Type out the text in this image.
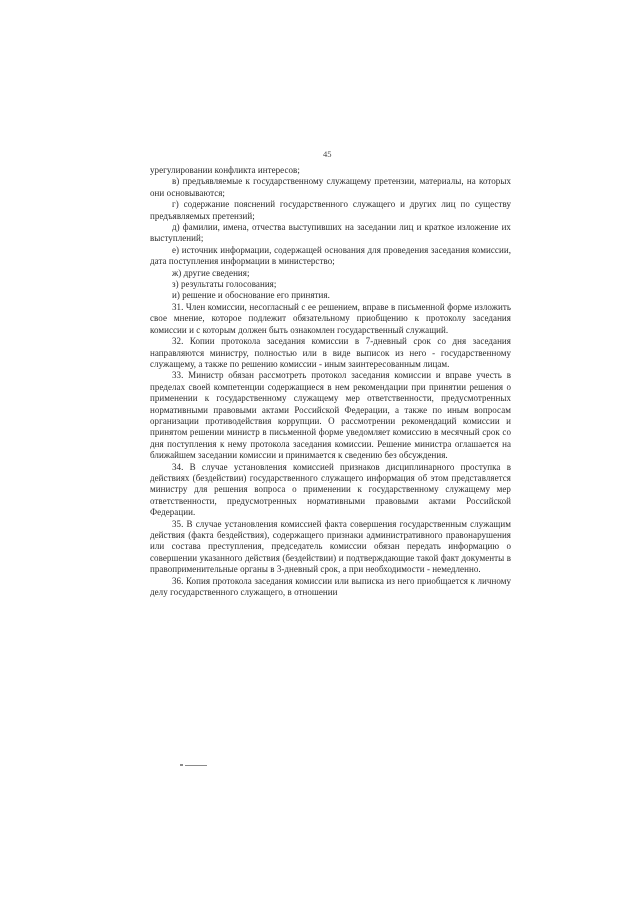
45

урегулировании конфликта интересов;

в) предъявляемые к государственному служащему претензии, материалы, на которых они основываются;

г) содержание пояснений государственного служащего и других лиц по существу предъявляемых претензий;

д) фамилии, имена, отчества выступивших на заседании лиц и краткое изложение их выступлений;

е) источник информации, содержащей основания для проведения заседания комиссии, дата поступления информации в министерство;

ж) другие сведения;

з) результаты голосования;

и) решение и обоснование его принятия.

31. Член комиссии, несогласный с ее решением, вправе в письменной форме изложить свое мнение, которое подлежит обязательному приобщению к протоколу заседания комиссии и с которым должен быть ознакомлен государственный служащий.

32. Копии протокола заседания комиссии в 7-дневный срок со дня заседания направляются министру, полностью или в виде выписок из него - государственному служащему, а также по решению комиссии - иным заинтересованным лицам.

33. Министр обязан рассмотреть протокол заседания комиссии и вправе учесть в пределах своей компетенции содержащиеся в нем рекомендации при принятии решения о применении к государственному служащему мер ответственности, предусмотренных нормативными правовыми актами Российской Федерации, а также по иным вопросам организации противодействия коррупции. О рассмотрении рекомендаций комиссии и принятом решении министр в письменной форме уведомляет комиссию в месячный срок со дня поступления к нему протокола заседания комиссии. Решение министра оглашается на ближайшем заседании комиссии и принимается к сведению без обсуждения.

34. В случае установления комиссией признаков дисциплинарного проступка в действиях (бездействии) государственного служащего информация об этом представляется министру для решения вопроса о применении к государственному служащему мер ответственности, предусмотренных нормативными правовыми актами Российской Федерации.

35. В случае установления комиссией факта совершения государственным служащим действия (факта бездействия), содержащего признаки административного правонарушения или состава преступления, председатель комиссии обязан передать информацию о совершении указанного действия (бездействии) и подтверждающие такой факт документы в правоприменительные органы в 3-дневный срок, а при необходимости - немедленно.

36. Копия протокола заседания комиссии или выписка из него приобщается к личному делу государственного служащего, в отношении
